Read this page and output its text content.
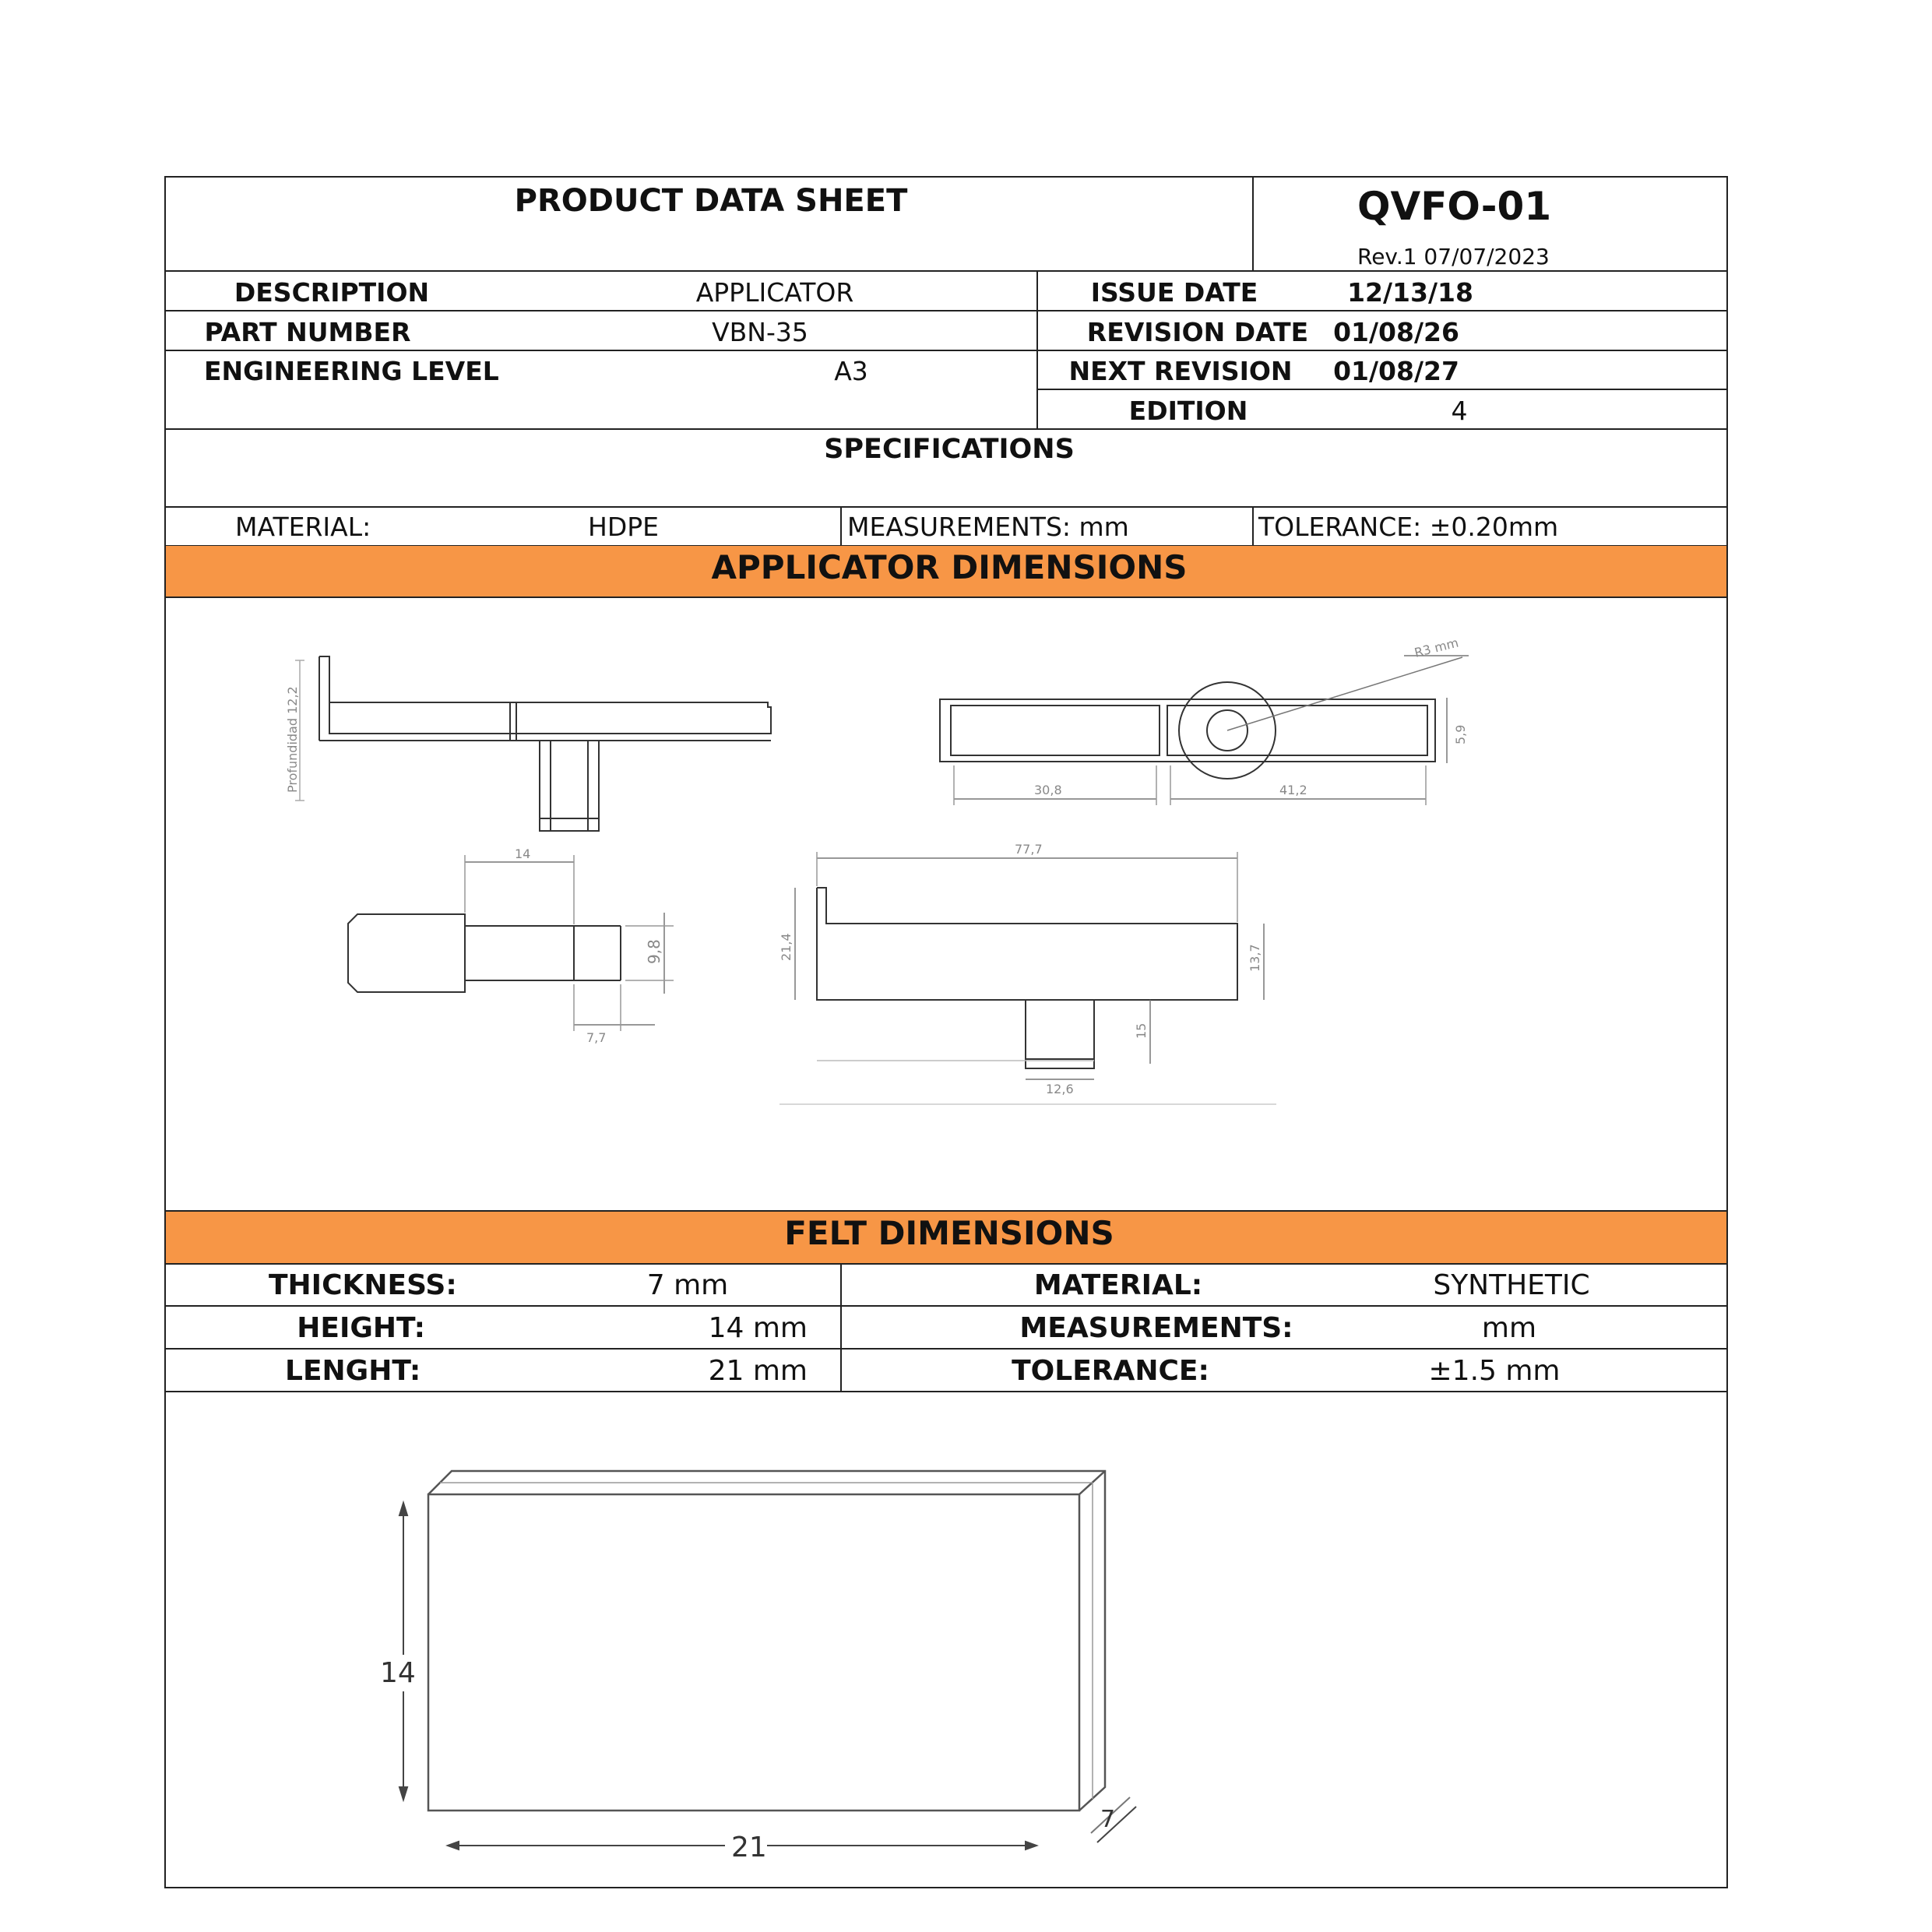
PRODUCT DATA SHEET	QVFO-01
Rev.1 07/07/2023
DESCRIPTION	APPLICATOR
PART NUMBER	VBN-35
ENGINEERING LEVEL	A3
ISSUE DATE	12/13/18
REVISION DATE 01/08/26
NEXT REVISION 01/08/27
EDITION	4
SPECIFICATIONS
MATERIAL:	HDPE	MEASUREMENTS: mm	TOLERANCE: ±0.20mm
APPLICATOR DIMENSIONS
Profundidad 12,2
R3 mm
5,9
30,8	41,2
14
9,8
7,7
77,7
21,4	13,7
15
12,6
FELT DIMENSIONS
THICKNESS:	7 mm
HEIGHT:	14 mm
LENGHT:	21 mm
MATERIAL:	SYNTHETIC
MEASUREMENTS:	mm
TOLERANCE:	±1.5 mm
14
21
7
